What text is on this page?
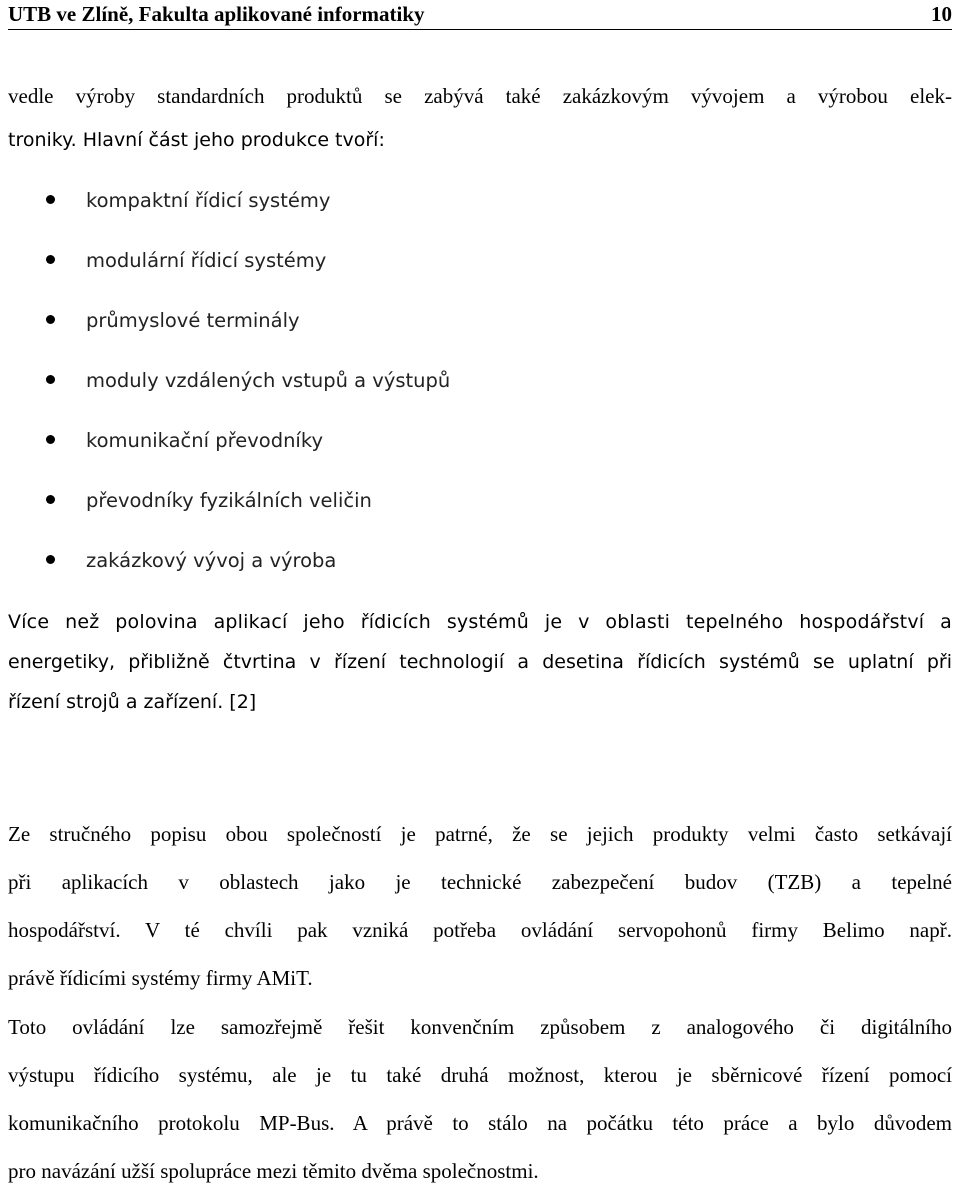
UTB ve Zlíně, Fakulta aplikované informatiky	10
vedle výroby standardních produktů se zabývá také zakázkovým vývojem a výrobou elek-
troniky. Hlavní část jeho produkce tvoří:
kompaktní řídicí systémy
modulární řídicí systémy
průmyslové terminály
moduly vzdálených vstupů a výstupů
komunikační převodníky
převodníky fyzikálních veličin
zakázkový vývoj a výroba
Více než polovina aplikací jeho řídicích systémů je v oblasti tepelného hospodářství a
energetiky, přibližně čtvrtina v řízení technologií a desetina řídicích systémů se uplatní při
řízení strojů a zařízení. [2]
Ze stručného popisu obou společností je patrné, že se jejich produkty velmi často setkávají
při aplikacích v oblastech jako je technické zabezpečení budov (TZB) a tepelné
hospodářství. V té chvíli pak vzniká potřeba ovládání servopohonů firmy Belimo např.
právě řídicími systémy firmy AMiT.
Toto ovládání lze samozřejmě řešit konvenčním způsobem z analogového či digitálního
výstupu řídicího systému, ale je tu také druhá možnost, kterou je sběrnicové řízení pomocí
komunikačního protokolu MP-Bus. A právě to stálo na počátku této práce a bylo důvodem
pro navázání užší spolupráce mezi těmito dvěma společnostmi.
